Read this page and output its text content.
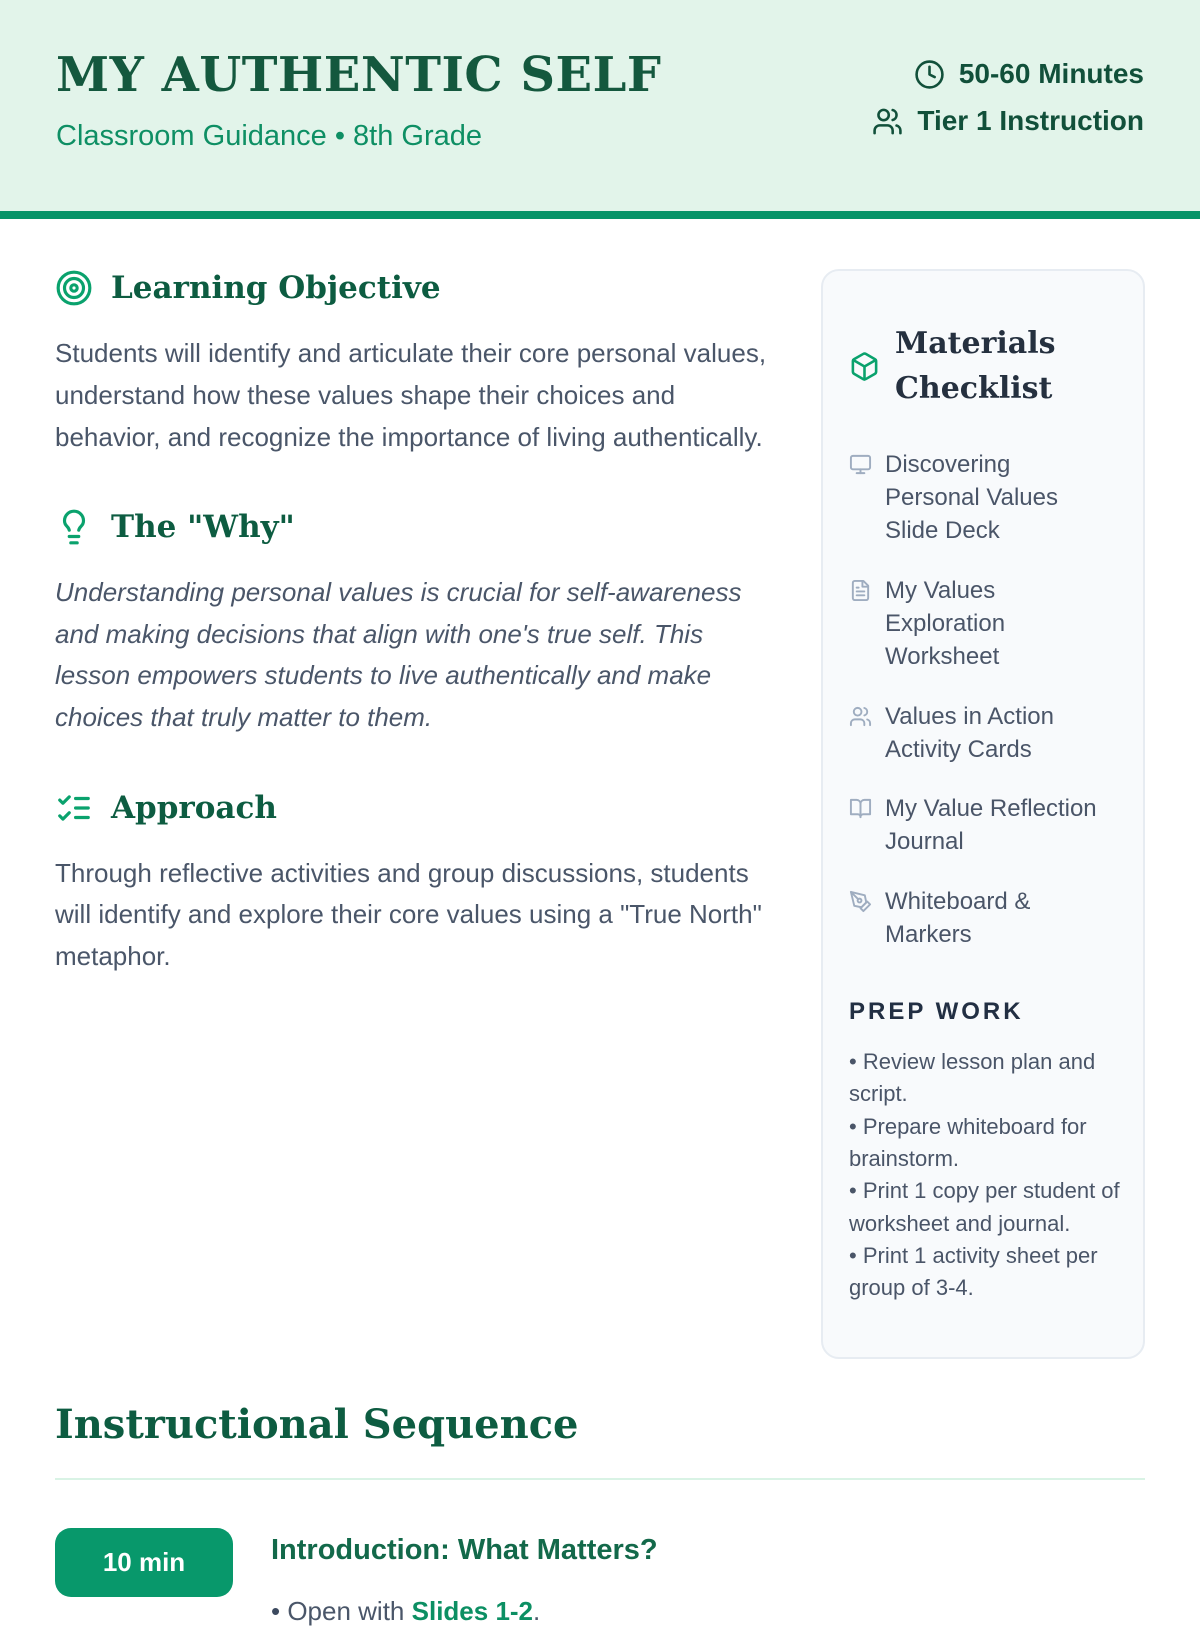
MY AUTHENTIC SELF

Classroom Guidance • 8th Grade

50-60 Minutes
Tier 1 Instruction
Learning Objective

Students will identify and articulate their core personal values, understand how these values shape their choices and behavior, and recognize the importance of living authentically.

The "Why"

Understanding personal values is crucial for self-awareness and making decisions that align with one's true self. This lesson empowers students to live authentically and make choices that truly matter to them.

Approach

Through reflective activities and group discussions, students will identify and explore their core values using a "True North" metaphor.

Materials Checklist
Discovering Personal Values Slide Deck
My Values Exploration Worksheet
Values in Action Activity Cards
My Value Reflection Journal
Whiteboard & Markers
PREP WORK

• Review lesson plan and script.

• Prepare whiteboard for brainstorm.

• Print 1 copy per student of worksheet and journal.

• Print 1 activity sheet per group of 3-4.

Instructional Sequence
10 min	Introduction: What Matters?
• Open with Slides 1-2.
